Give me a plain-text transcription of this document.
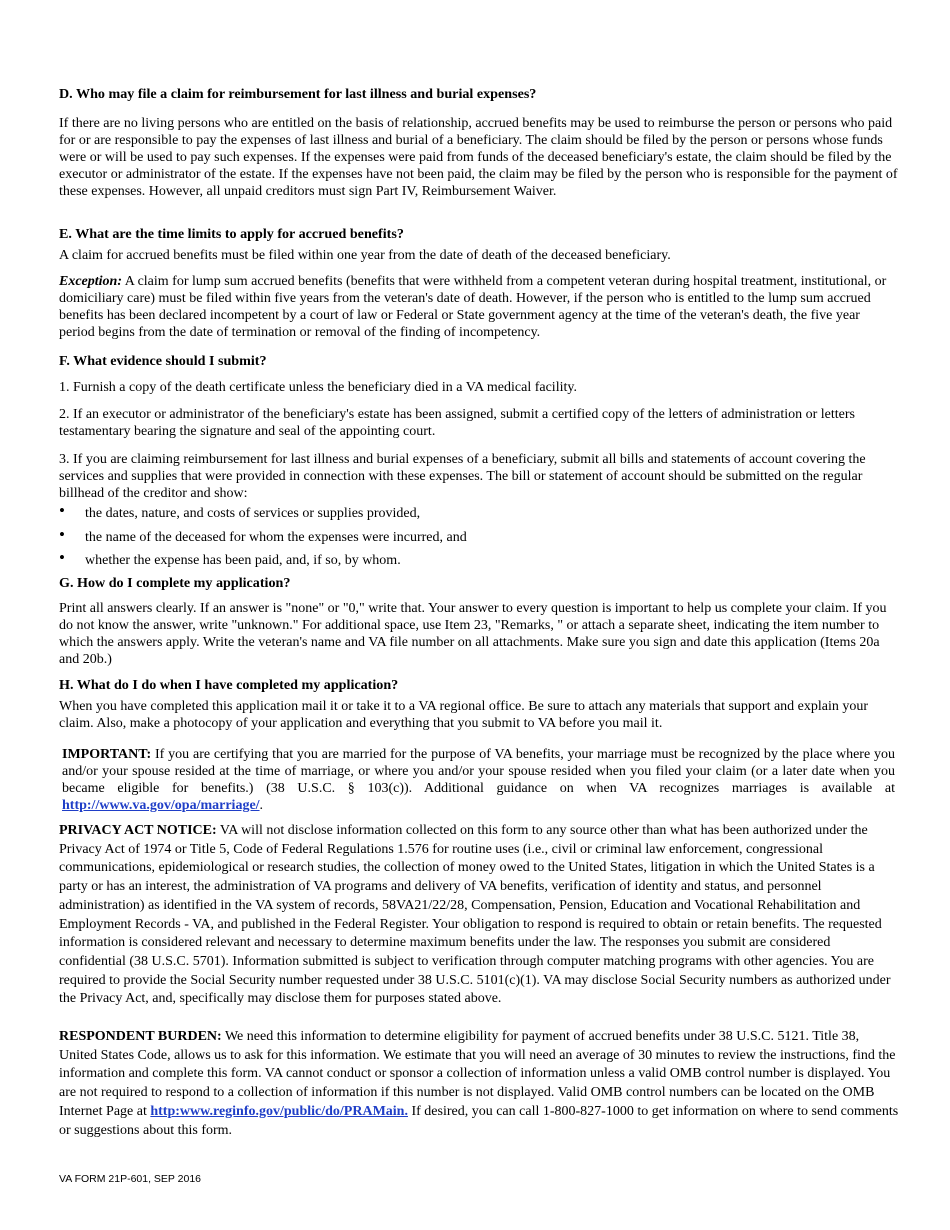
D. Who may file a claim for reimbursement for last illness and burial expenses?

If there are no living persons who are entitled on the basis of relationship, accrued benefits may be used to reimburse the person or persons who paid for or are responsible to pay the expenses of last illness and burial of a beneficiary. The claim should be filed by the person or persons whose funds were or will be used to pay such expenses. If the expenses were paid from funds of the deceased beneficiary's estate, the claim should be filed by the executor or administrator of the estate. If the expenses have not been paid, the claim may be filed by the person who is responsible for the payment of these expenses. However, all unpaid creditors must sign Part IV, Reimbursement Waiver.

E. What are the time limits to apply for accrued benefits?

A claim for accrued benefits must be filed within one year from the date of death of the deceased beneficiary.

Exception: A claim for lump sum accrued benefits (benefits that were withheld from a competent veteran during hospital treatment, institutional, or domiciliary care) must be filed within five years from the veteran's date of death. However, if the person who is entitled to the lump sum accrued benefits has been declared incompetent by a court of law or Federal or State government agency at the time of the veteran's death, the five year period begins from the date of termination or removal of the finding of incompetency.

F. What evidence should I submit?

1. Furnish a copy of the death certificate unless the beneficiary died in a VA medical facility.

2. If an executor or administrator of the beneficiary's estate has been assigned, submit a certified copy of the letters of administration or letters testamentary bearing the signature and seal of the appointing court.

3. If you are claiming reimbursement for last illness and burial expenses of a beneficiary, submit all bills and statements of account covering the services and supplies that were provided in connection with these expenses. The bill or statement of account should be submitted on the regular billhead of the creditor and show:

• the dates, nature, and costs of services or supplies provided,
• the name of the deceased for whom the expenses were incurred, and
• whether the expense has been paid, and, if so, by whom.
G. How do I complete my application?

Print all answers clearly. If an answer is "none" or "0," write that. Your answer to every question is important to help us complete your claim. If you do not know the answer, write "unknown." For additional space, use Item 23, "Remarks, " or attach a separate sheet, indicating the item number to which the answers apply. Write the veteran's name and VA file number on all attachments. Make sure you sign and date this application (Items 20a and 20b.)

H. What do I do when I have completed my application?

When you have completed this application mail it or take it to a VA regional office. Be sure to attach any materials that support and explain your claim. Also, make a photocopy of your application and everything that you submit to VA before you mail it.

IMPORTANT: If you are certifying that you are married for the purpose of VA benefits, your marriage must be recognized by the place where you and/or your spouse resided at the time of marriage, or where you and/or your spouse resided when you filed your claim (or a later date when you became eligible for benefits.) (38 U.S.C. § 103(c)). Additional guidance on when VA recognizes marriages is available at http://www.va.gov/opa/marriage/.

PRIVACY ACT NOTICE: VA will not disclose information collected on this form to any source other than what has been authorized under the Privacy Act of 1974 or Title 5, Code of Federal Regulations 1.576 for routine uses (i.e., civil or criminal law enforcement, congressional communications, epidemiological or research studies, the collection of money owed to the United States, litigation in which the United States is a party or has an interest, the administration of VA programs and delivery of VA benefits, verification of identity and status, and personnel administration) as identified in the VA system of records, 58VA21/22/28, Compensation, Pension, Education and Vocational Rehabilitation and Employment Records - VA, and published in the Federal Register. Your obligation to respond is required to obtain or retain benefits. The requested information is considered relevant and necessary to determine maximum benefits under the law. The responses you submit are considered confidential (38 U.S.C. 5701). Information submitted is subject to verification through computer matching programs with other agencies. You are required to provide the Social Security number requested under 38 U.S.C. 5101(c)(1). VA may disclose Social Security numbers as authorized under the Privacy Act, and, specifically may disclose them for purposes stated above.

RESPONDENT BURDEN: We need this information to determine eligibility for payment of accrued benefits under 38 U.S.C. 5121. Title 38, United States Code, allows us to ask for this information. We estimate that you will need an average of 30 minutes to review the instructions, find the information and complete this form. VA cannot conduct or sponsor a collection of information unless a valid OMB control number is displayed. You are not required to respond to a collection of information if this number is not displayed. Valid OMB control numbers can be located on the OMB Internet Page at http:www.reginfo.gov/public/do/PRAMain. If desired, you can call 1-800-827-1000 to get information on where to send comments or suggestions about this form.

VA FORM 21P-601, SEP 2016
